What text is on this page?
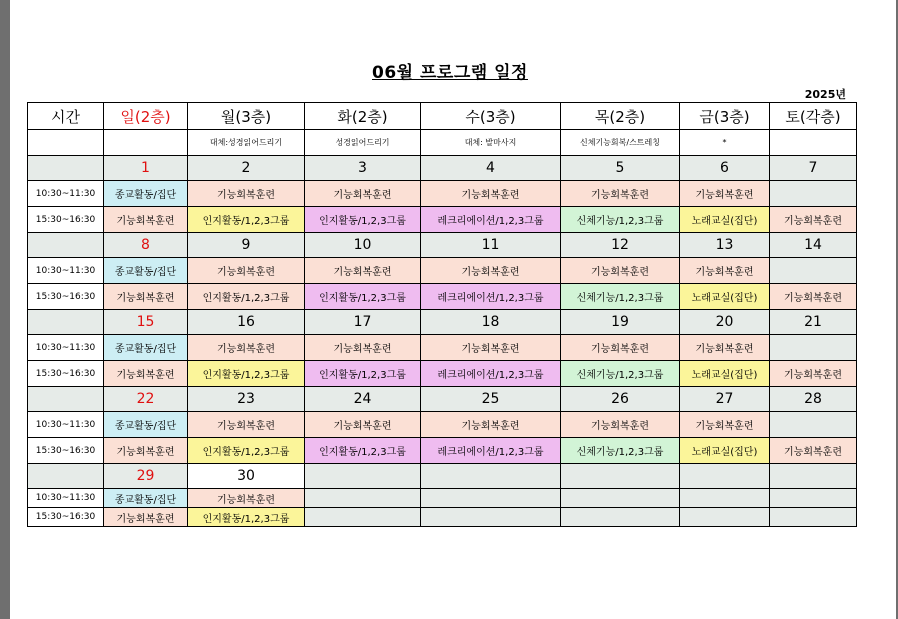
06월 프로그램 일정
2025년
시간	일(2층)	월(3층)	화(2층)	수(3층)	목(2층)	금(3층)	토(각층)
		대체:성경읽어드리기	성경읽어드리기	대체: 발마사지	신체기능회복/스트레칭	*	
	1	2	3	4	5	6	7
10:30~11:30	종교활동/집단	기능회복훈련	기능회복훈련	기능회복훈련	기능회복훈련	기능회복훈련	
15:30~16:30	기능회복훈련	인지활동/1,2,3그룹	인지활동/1,2,3그룹	레크리에이션/1,2,3그룹	신체기능/1,2,3그룹	노래교실(집단)	기능회복훈련
	8	9	10	11	12	13	14
10:30~11:30	종교활동/집단	기능회복훈련	기능회복훈련	기능회복훈련	기능회복훈련	기능회복훈련	
15:30~16:30	기능회복훈련	인지활동/1,2,3그룹	인지활동/1,2,3그룹	레크리에이션/1,2,3그룹	신체기능/1,2,3그룹	노래교실(집단)	기능회복훈련
	15	16	17	18	19	20	21
10:30~11:30	종교활동/집단	기능회복훈련	기능회복훈련	기능회복훈련	기능회복훈련	기능회복훈련	
15:30~16:30	기능회복훈련	인지활동/1,2,3그룹	인지활동/1,2,3그룹	레크리에이션/1,2,3그룹	신체기능/1,2,3그룹	노래교실(집단)	기능회복훈련
	22	23	24	25	26	27	28
10:30~11:30	종교활동/집단	기능회복훈련	기능회복훈련	기능회복훈련	기능회복훈련	기능회복훈련	
15:30~16:30	기능회복훈련	인지활동/1,2,3그룹	인지활동/1,2,3그룹	레크리에이션/1,2,3그룹	신체기능/1,2,3그룹	노래교실(집단)	기능회복훈련
	29	30					
10:30~11:30	종교활동/집단	기능회복훈련					
15:30~16:30	기능회복훈련	인지활동/1,2,3그룹					
